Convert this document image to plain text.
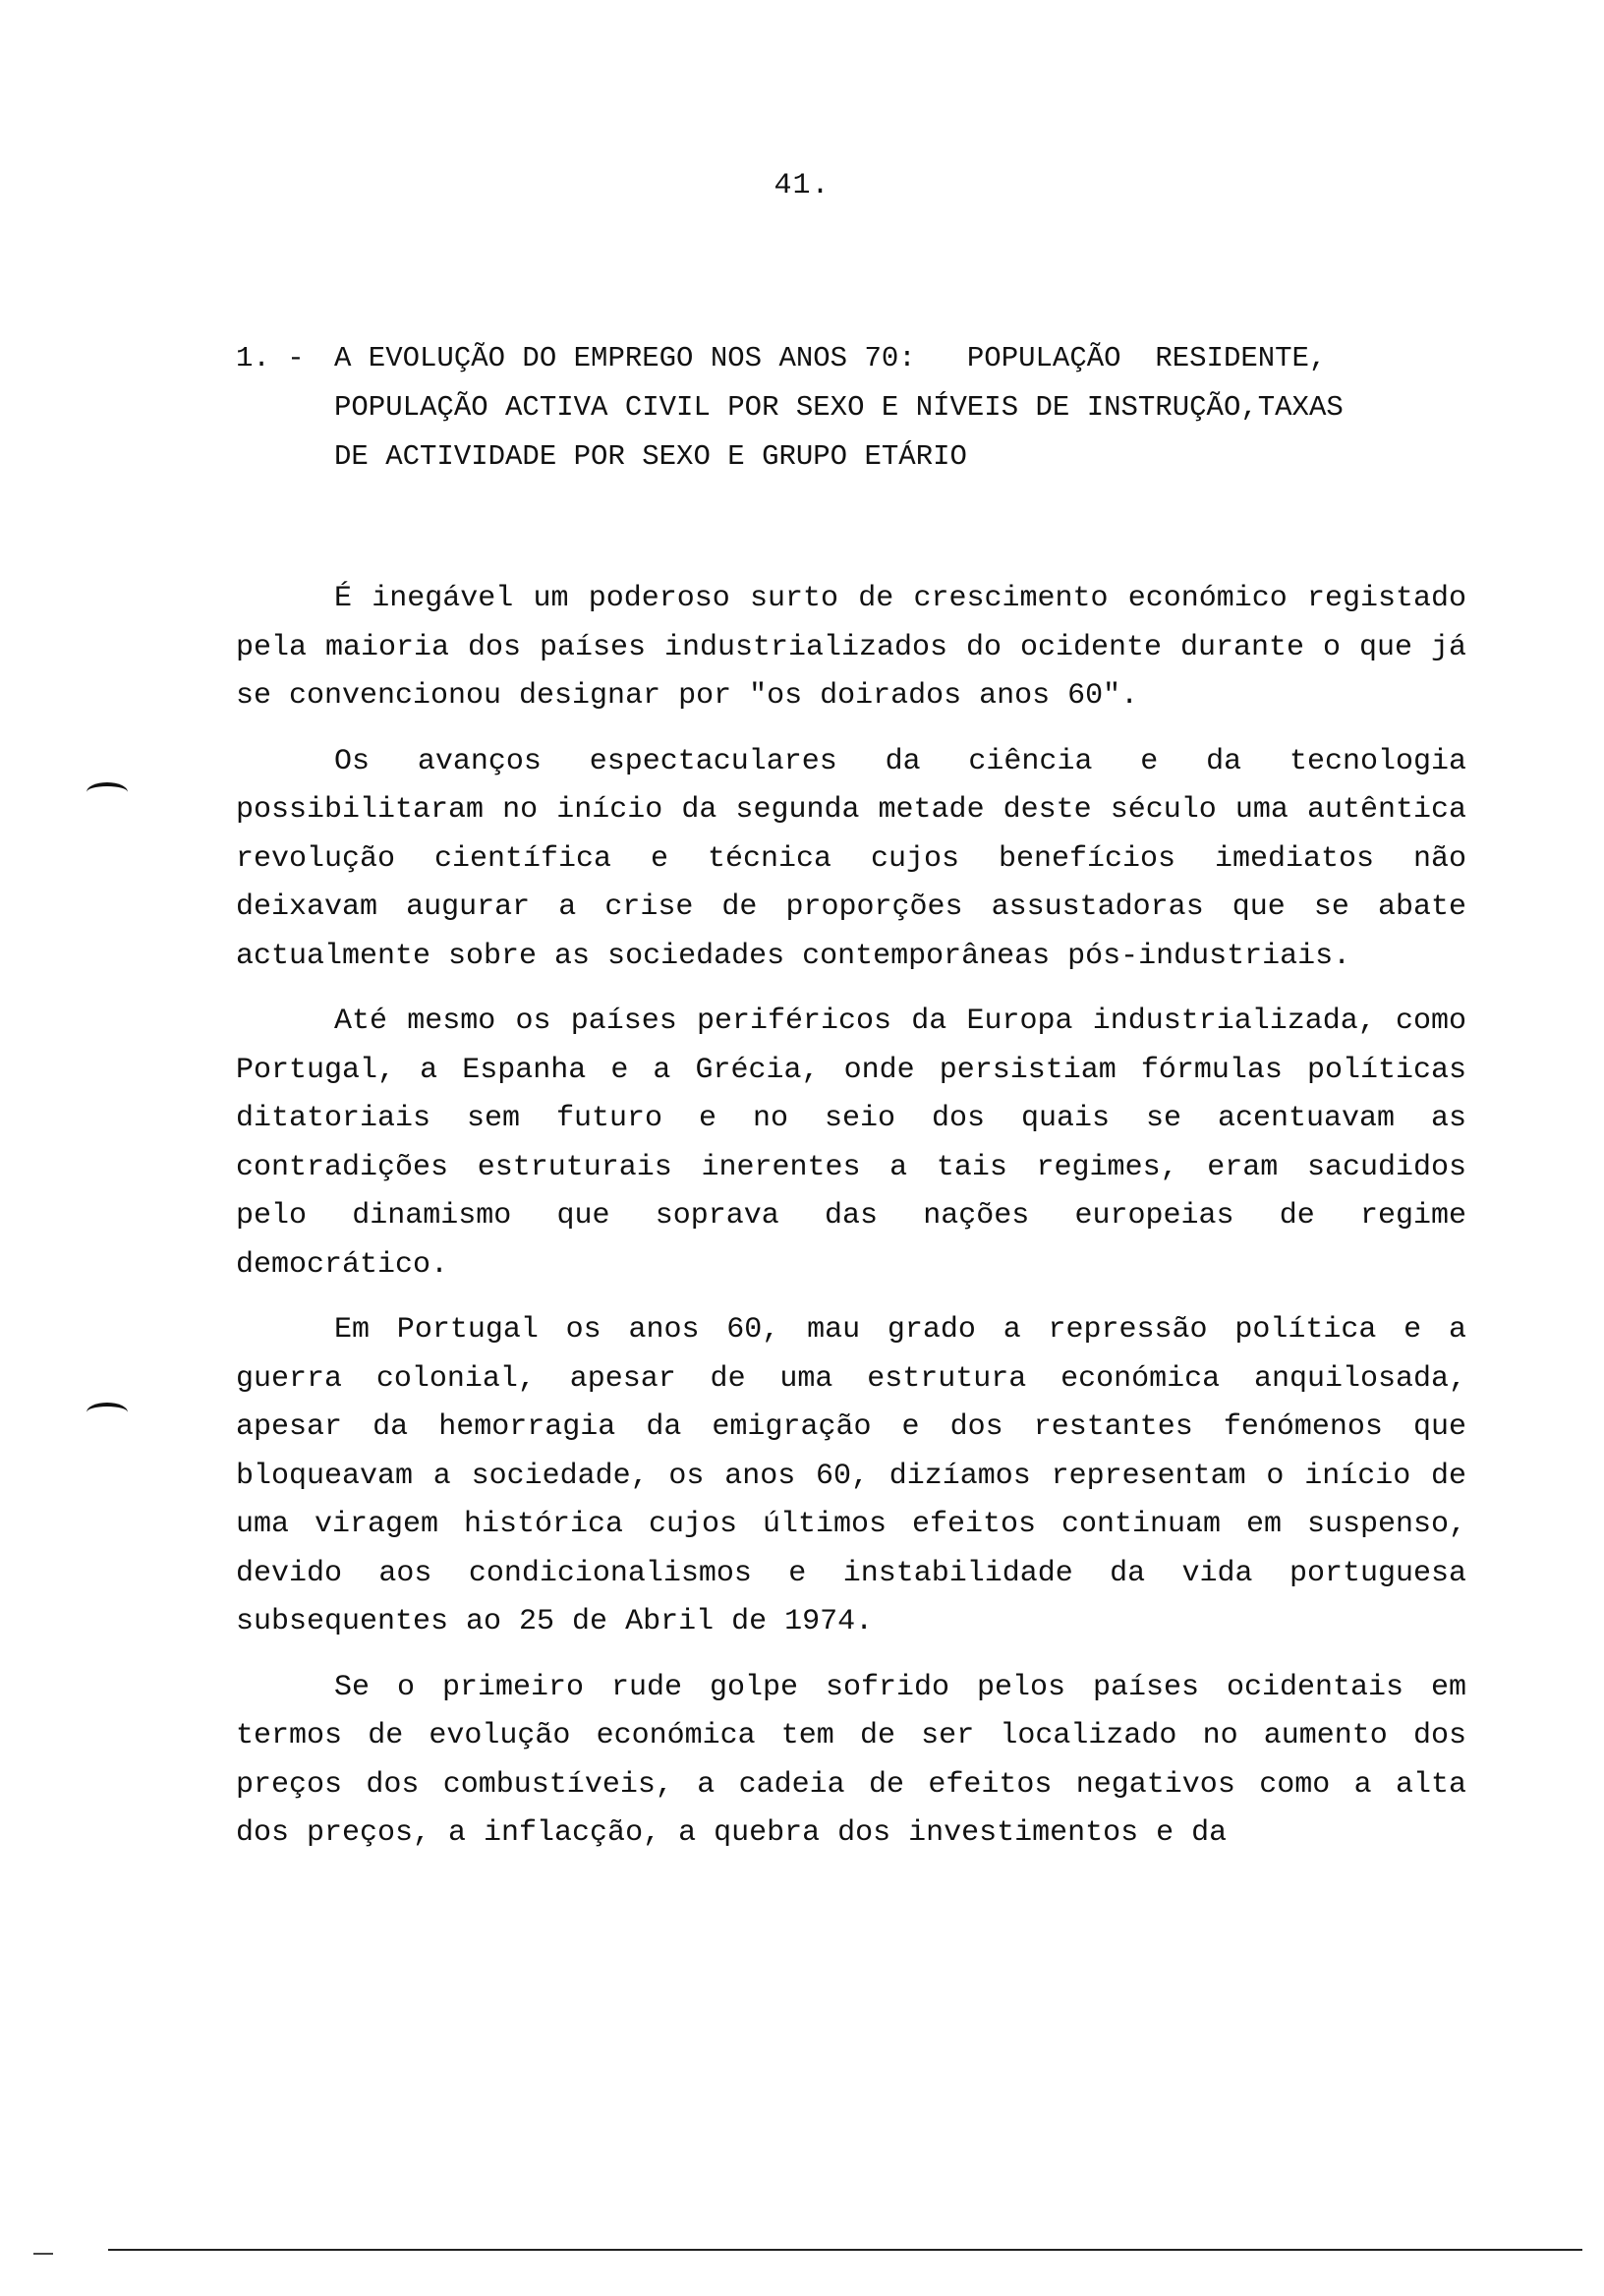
41.
1. -	A EVOLUÇÃO DO EMPREGO NOS ANOS 70:   POPULAÇÃO  RESIDENTE,
POPULAÇÃO ACTIVA CIVIL POR SEXO E NÍVEIS DE INSTRUÇÃO,TAXAS
DE ACTIVIDADE POR SEXO E GRUPO ETÁRIO

É inegável um poderoso surto de crescimento económico registado pela maioria dos países industrializados do ocidente durante o que já se convencionou designar por "os doirados anos 60".

Os avanços espectaculares da ciência e da tecnologia possibilitaram no início da segunda metade deste século uma autêntica revolução científica e técnica cujos benefícios imediatos não deixavam augurar a crise de proporções assustadoras que se abate actualmente sobre as sociedades contemporâneas pós-industriais.

Até mesmo os países periféricos da Europa industrializada, como Portugal, a Espanha e a Grécia, onde persistiam fórmulas políticas ditatoriais sem futuro e no seio dos quais se acentuavam as contradições estruturais inerentes a tais regimes, eram sacudidos pelo dinamismo que soprava das nações europeias de regime democrático.

Em Portugal os anos 60, mau grado a repressão política e a guerra colonial, apesar de uma estrutura económica anquilosada, apesar da hemorragia da emigração e dos restantes fenómenos que bloqueavam a sociedade, os anos 60, dizíamos representam o início de uma viragem histórica cujos últimos efeitos continuam em suspenso, devido aos condicionalismos e instabilidade da vida portuguesa subsequentes ao 25 de Abril de 1974.

Se o primeiro rude golpe sofrido pelos países ocidentais em termos de evolução económica tem de ser localizado no aumento dos preços dos combustíveis, a cadeia de efeitos negativos como a alta dos preços, a inflacção, a quebra dos investimentos e da
